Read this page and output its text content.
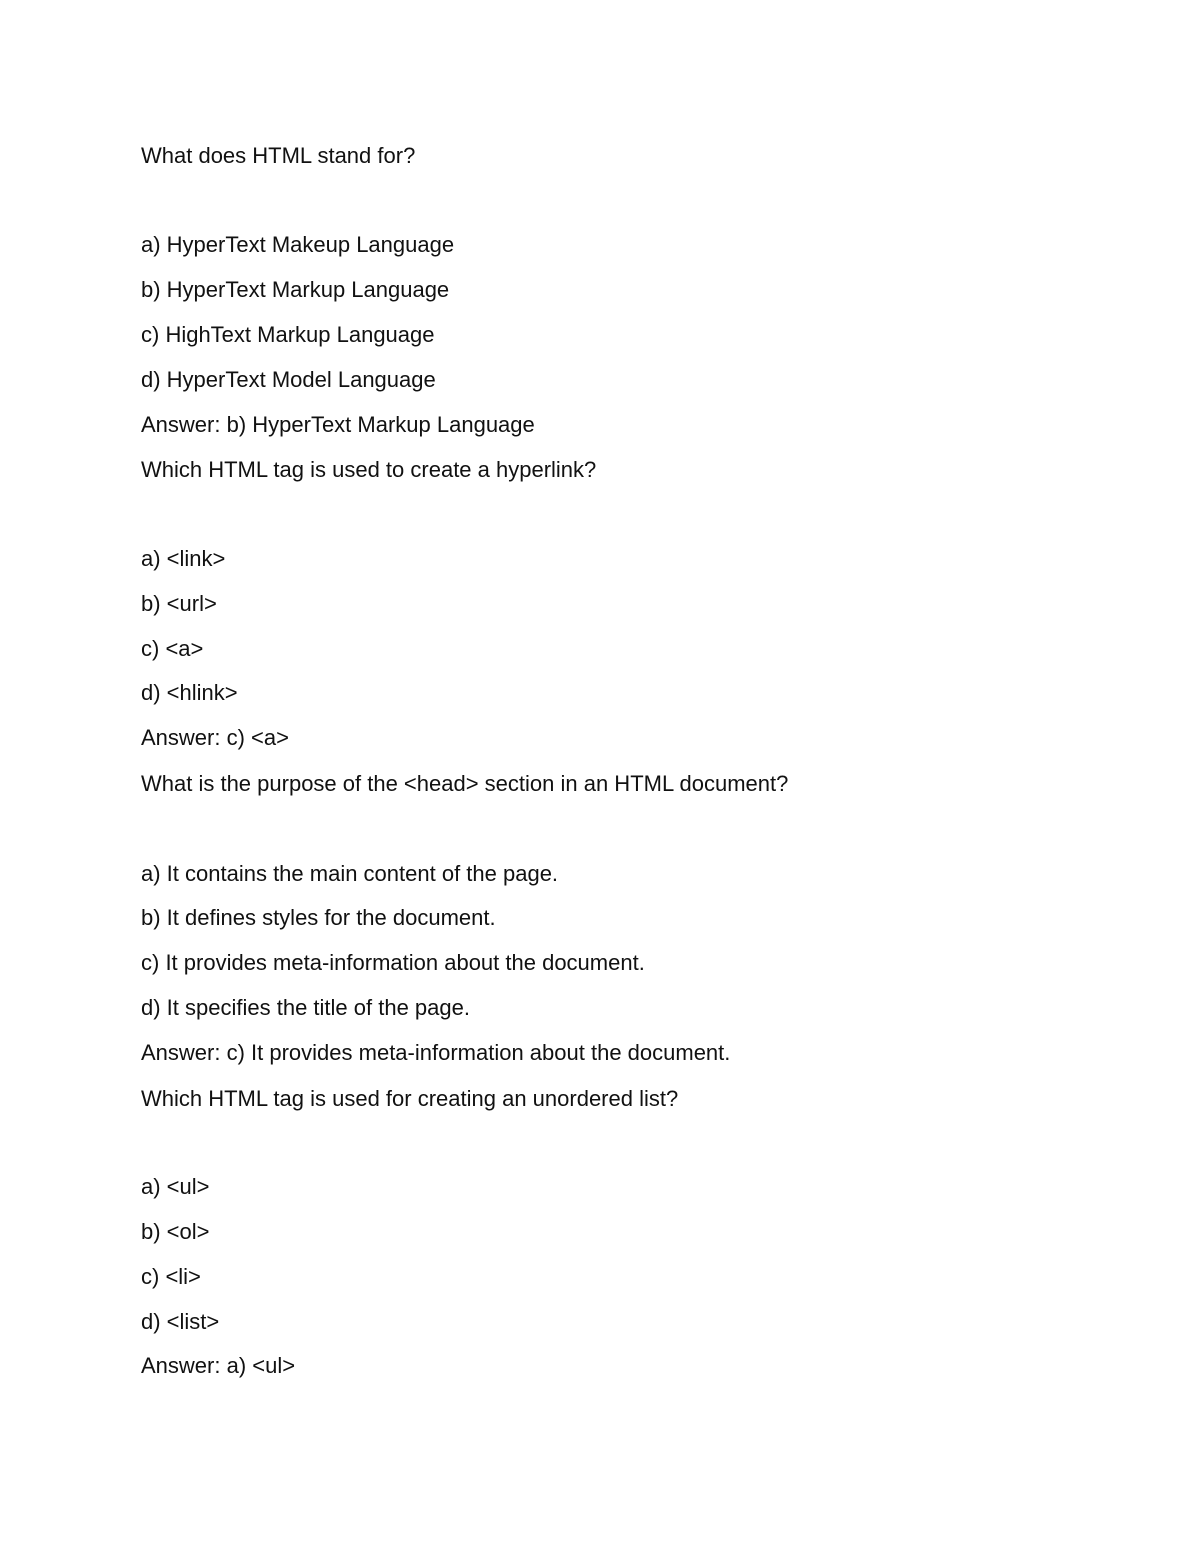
What does HTML stand for?
a) HyperText Makeup Language
b) HyperText Markup Language
c) HighText Markup Language
d) HyperText Model Language
Answer: b) HyperText Markup Language
Which HTML tag is used to create a hyperlink?
a) <link>
b) <url>
c) <a>
d) <hlink>
Answer: c) <a>
What is the purpose of the <head> section in an HTML document?
a) It contains the main content of the page.
b) It defines styles for the document.
c) It provides meta-information about the document.
d) It specifies the title of the page.
Answer: c) It provides meta-information about the document.
Which HTML tag is used for creating an unordered list?
a) <ul>
b) <ol>
c) <li>
d) <list>
Answer: a) <ul>
